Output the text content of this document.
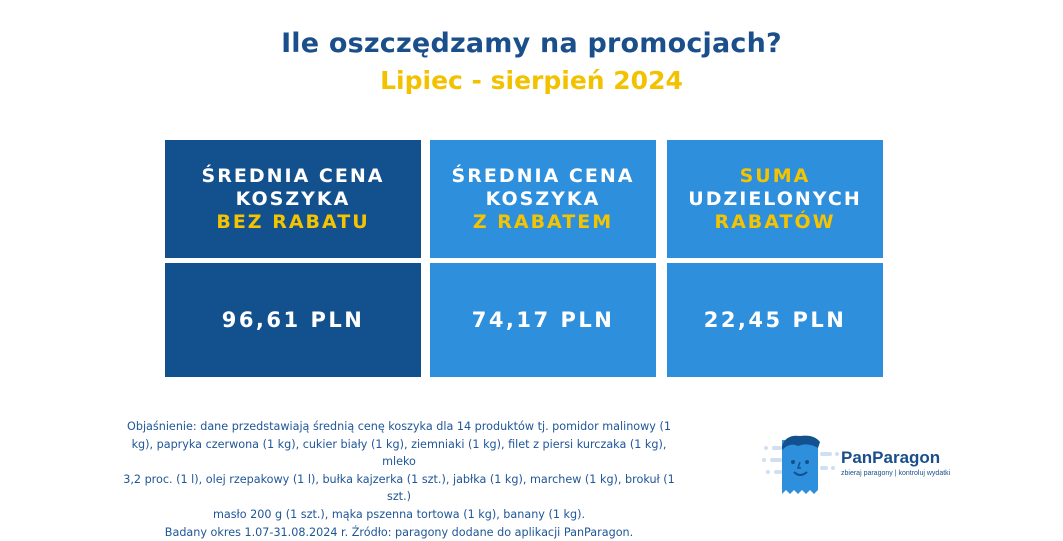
Ile oszczędzamy na promocjach?
Lipiec - sierpień 2024
ŚREDNIA CENA
KOSZYKA
BEZ RABATU
96,61 PLN
ŚREDNIA CENA
KOSZYKA
Z RABATEM
74,17 PLN
SUMA
UDZIELONYCH
RABATÓW
22,45 PLN
Objaśnienie: dane przedstawiają średnią cenę koszyka dla 14 produktów tj. pomidor malinowy (1
kg), papryka czerwona (1 kg), cukier biały (1 kg), ziemniaki (1 kg), filet z piersi kurczaka (1 kg), mleko
3,2 proc. (1 l), olej rzepakowy (1 l), bułka kajzerka (1 szt.), jabłka (1 kg), marchew (1 kg), brokuł (1 szt.)
masło 200 g (1 szt.), mąka pszenna tortowa (1 kg), banany (1 kg).
Badany okres 1.07-31.08.2024 r. Źródło: paragony dodane do aplikacji PanParagon.
PanParagon
zbieraj paragony | kontroluj wydatki
